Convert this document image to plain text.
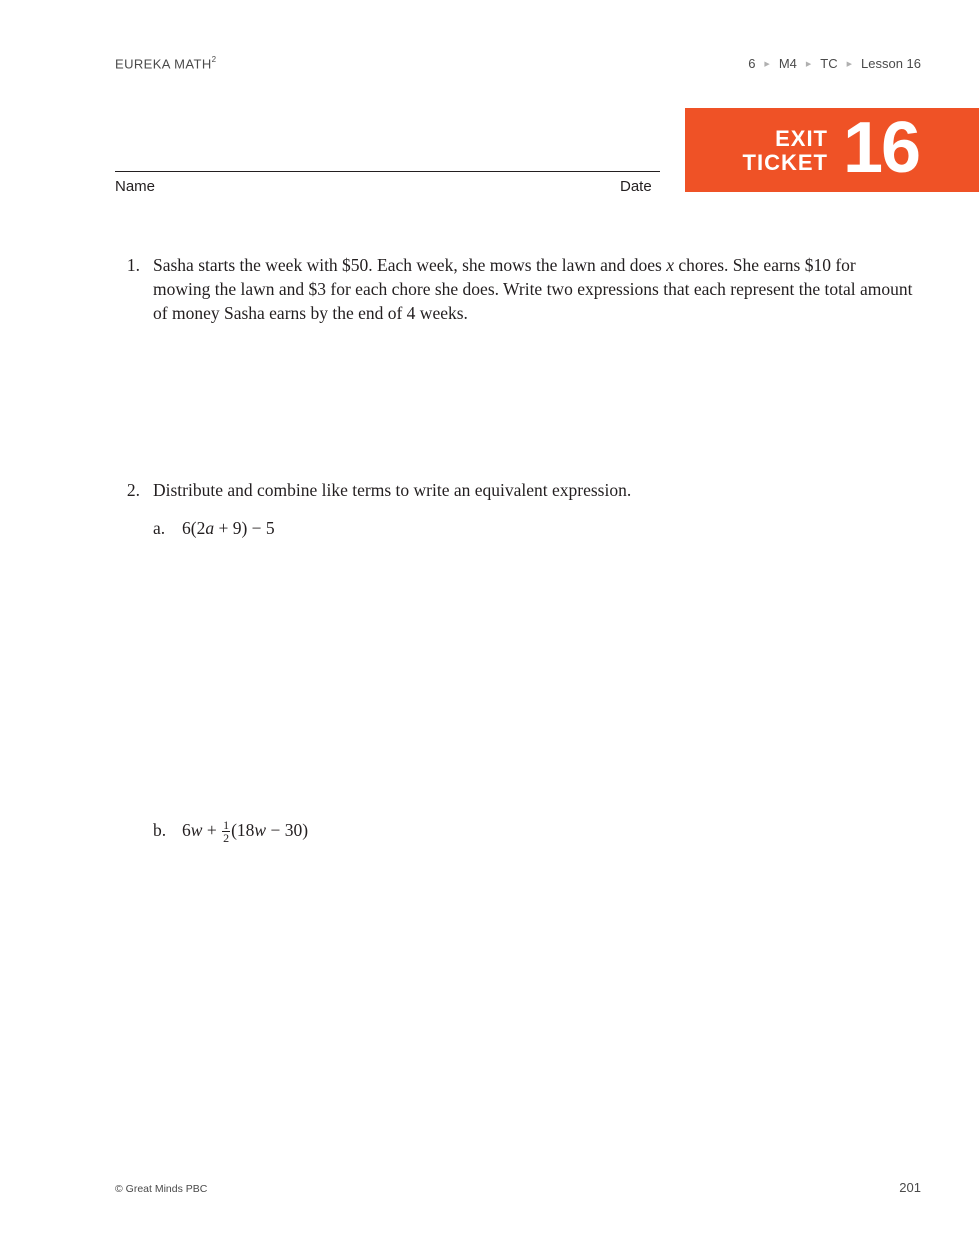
EUREKA MATH$^2$	6 ▶ M4 ▶ TC ▶ Lesson 16
Name	Date
EXIT
TICKET 16
1. Sasha starts the week with $50. Each week, she mows the lawn and does x chores. She earns $10 for mowing the lawn and $3 for each chore she does. Write two expressions that each represent the total amount of money Sasha earns by the end of 4 weeks.
2. Distribute and combine like terms to write an equivalent expression.
a. 6(2a + 9) − 5
b. $6w + \frac{1}{2} (18w - 30)$
© Great Minds PBC	201
